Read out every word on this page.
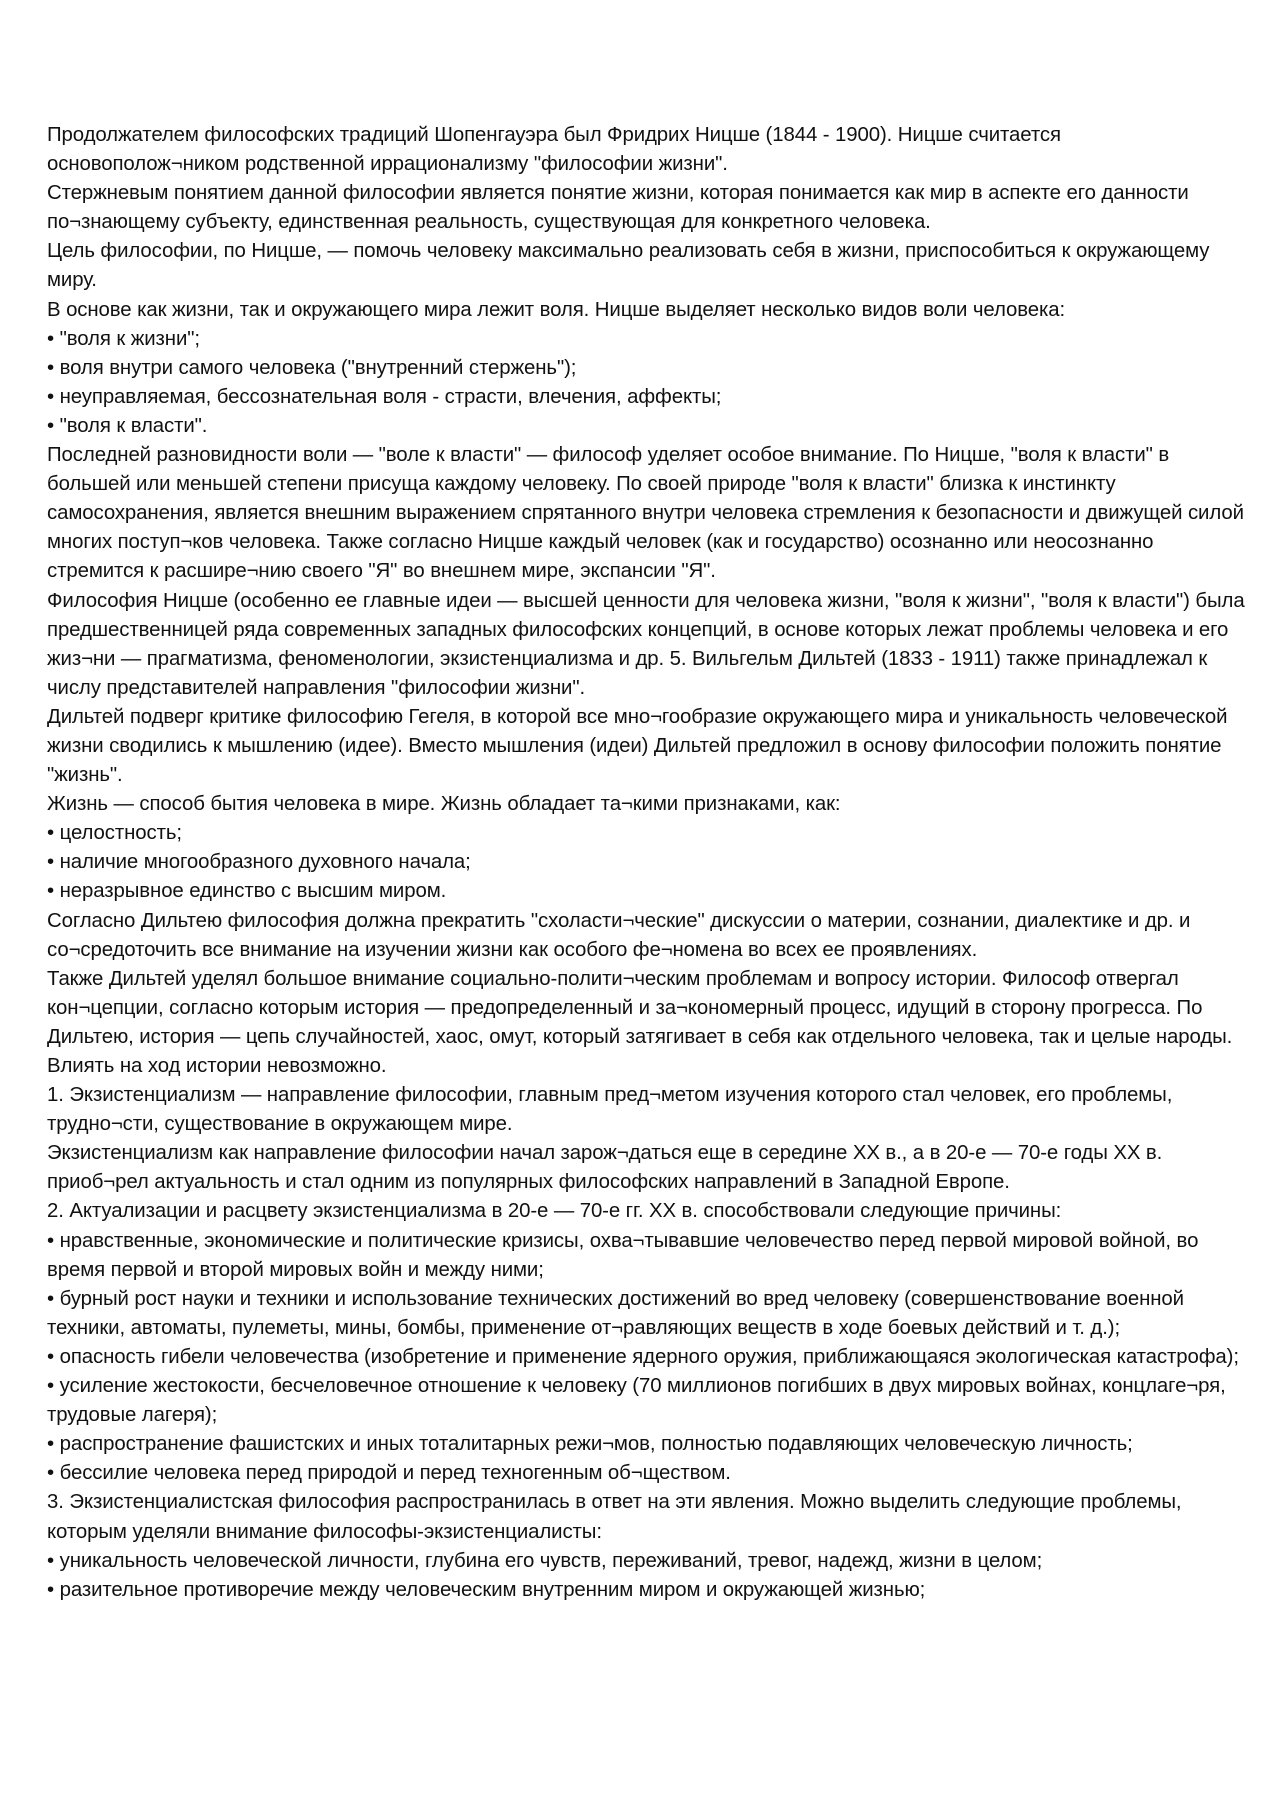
Продолжателем философских традиций Шопенгауэра был Фридрих Ницше (1844 - 1900). Ницше считается основополож¬ником родственной иррационализму "философии жизни".

Стержневым понятием данной философии является понятие жизни, которая понимается как мир в аспекте его данности по¬знающему субъекту, единственная реальность, существующая для конкретного человека.

Цель философии, по Ницше, — помочь человеку максимально реализовать себя в жизни, приспособиться к окружающему миру.

В основе как жизни, так и окружающего мира лежит воля. Ницше выделяет несколько видов воли человека:

• "воля к жизни";

• воля внутри самого человека ("внутренний стержень");

• неуправляемая, бессознательная воля - страсти, влечения, аффекты;

• "воля к власти".

Последней разновидности воли — "воле к власти" — философ уделяет особое внимание. По Ницше, "воля к власти" в большей или меньшей степени присуща каждому человеку. По своей природе "воля к власти" близка к инстинкту самосохранения, является внешним выражением спрятанного внутри человека стремления к безопасности и движущей силой многих поступ¬ков человека. Также согласно Ницше каждый человек (как и государство) осознанно или неосознанно стремится к расшире¬нию своего "Я" во внешнем мире, экспансии "Я".

Философия Ницше (особенно ее главные идеи — высшей ценности для человека жизни, "воля к жизни", "воля к власти") была предшественницей ряда современных западных философских концепций, в основе которых лежат проблемы человека и его жиз¬ни — прагматизма, феноменологии, экзистенциализма и др. 5. Вильгельм Дильтей (1833 - 1911) также принадлежал к числу представителей направления "философии жизни".

Дильтей подверг критике философию Гегеля, в которой все мно¬гообразие окружающего мира и уникальность человеческой жизни сводились к мышлению (идее). Вместо мышления (идеи) Дильтей предложил в основу философии положить понятие "жизнь".

Жизнь — способ бытия человека в мире. Жизнь обладает та¬кими признаками, как:

• целостность;

• наличие многообразного духовного начала;

• неразрывное единство с высшим миром.

Согласно Дильтею философия должна прекратить "схоласти¬ческие" дискуссии о материи, сознании, диалектике и др. и со¬средоточить все внимание на изучении жизни как особого фе¬номена во всех ее проявлениях.

Также Дильтей уделял большое внимание социально-полити¬ческим проблемам и вопросу истории. Философ отвергал кон¬цепции, согласно которым история — предопределенный и за¬кономерный процесс, идущий в сторону прогресса. По Дильтею, история — цепь случайностей, хаос, омут, который затягивает в себя как отдельного человека, так и целые народы. Влиять на ход истории невозможно.

1. Экзистенциализм — направление философии, главным пред¬метом изучения которого стал человек, его проблемы, трудно¬сти, существование в окружающем мире.

Экзистенциализм как направление философии начал зарож¬даться еще в середине XX в., а в 20-е — 70-е годы XX в. приоб¬рел актуальность и стал одним из популярных философских направлений в Западной Европе.

2. Актуализации и расцвету экзистенциализма в 20-е — 70-е гг. XX в. способствовали следующие причины:

• нравственные, экономические и политические кризисы, охва¬тывавшие человечество перед первой мировой войной, во время первой и второй мировых войн и между ними;

• бурный рост науки и техники и использование технических достижений во вред человеку (совершенствование военной техники, автоматы, пулеметы, мины, бомбы, применение от¬равляющих веществ в ходе боевых действий и т. д.);

• опасность гибели человечества (изобретение и применение ядерного оружия, приближающаяся экологическая катастрофа);

• усиление жестокости, бесчеловечное отношение к человеку (70 миллионов погибших в двух мировых войнах, концлаге¬ря, трудовые лагеря);

• распространение фашистских и иных тоталитарных режи¬мов, полностью подавляющих человеческую личность;

• бессилие человека перед природой и перед техногенным об¬ществом.

3. Экзистенциалистская философия распространилась в ответ на эти явления. Можно выделить следующие проблемы, которым уделяли внимание философы-экзистенциалисты:

• уникальность человеческой личности, глубина его чувств, переживаний, тревог, надежд, жизни в целом;

• разительное противоречие между человеческим внутренним миром и окружающей жизнью;
